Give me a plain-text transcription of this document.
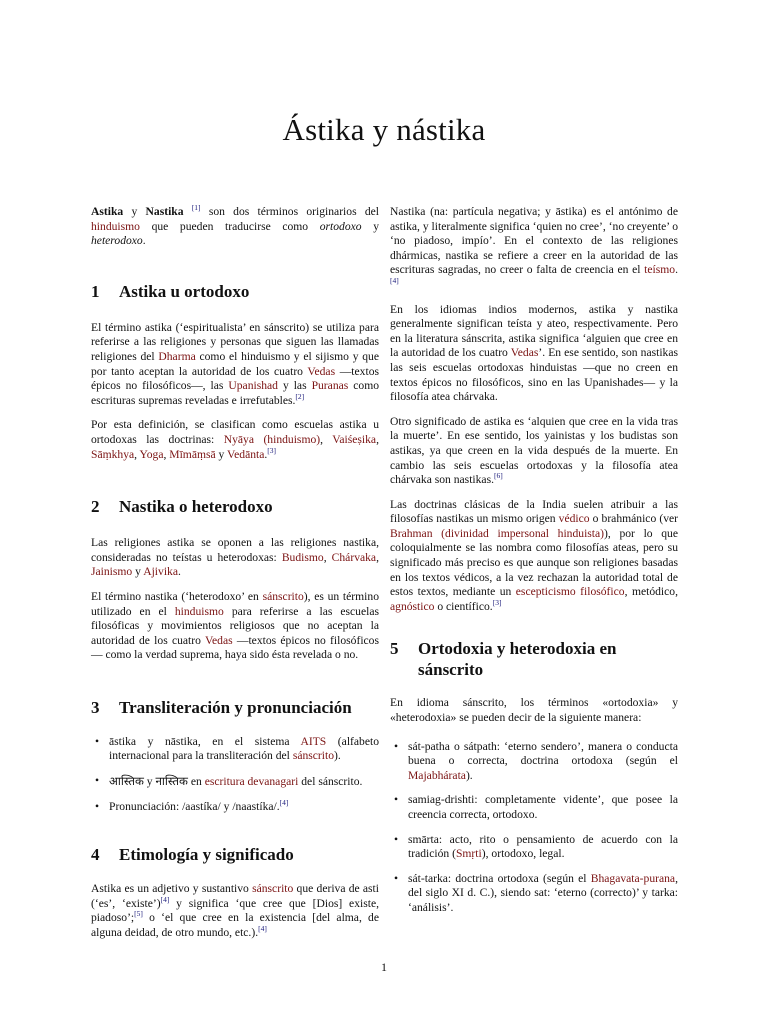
Ástika y nástika

Astika y Nastika [1] son dos términos originarios del hinduismo que pueden traducirse como ortodoxo y heterodoxo.

1	Astika u ortodoxo

El término astika (‘espiritualista’ en sánscrito) se utiliza para referirse a las religiones y personas que siguen las llamadas religiones del Dharma como el hinduismo y el sijismo y que por tanto aceptan la autoridad de los cuatro Vedas —textos épicos no filosóficos—, las Upanishad y las Puranas como escrituras supremas reveladas e irrefutables.[2]

Por esta definición, se clasifican como escuelas astika u ortodoxas las doctrinas: Nyāya (hinduismo), Vaiśeṣika, Sāṃkhya, Yoga, Mīmāṃsā y Vedānta.[3]

2	Nastika o heterodoxo

Las religiones astika se oponen a las religiones nastika, consideradas no teístas u heterodoxas: Budismo, Chárvaka, Jainismo y Ajivika.

El término nastika (‘heterodoxo’ en sánscrito), es un término utilizado en el hinduismo para referirse a las escuelas filosóficas y movimientos religiosos que no aceptan la autoridad de los cuatro Vedas —textos épicos no filosóficos— como la verdad suprema, haya sido ésta revelada o no.

3	Transliteración y pronunciación
• āstika y nāstika, en el sistema AITS (alfabeto internacional para la transliteración del sánscrito).
• आस्तिक y नास्तिक en escritura devanagari del sánscrito.
• Pronunciación: /aastíka/ y /naastíka/.[4]
4	Etimología y significado

Astika es un adjetivo y sustantivo sánscrito que deriva de asti (‘es’, ‘existe’)[4] y significa ‘que cree que [Dios] existe, piadoso’;[5] o ‘el que cree en la existencia [del alma, de alguna deidad, de otro mundo, etc.).[4]

Nastika (na: partícula negativa; y āstika) es el antónimo de astika, y literalmente significa ‘quien no cree’, ‘no creyente’ o ‘no piadoso, impío’. En el contexto de las religiones dhármicas, nastika se refiere a creer en la autoridad de las escrituras sagradas, no creer o falta de creencia en el teísmo.[4]

En los idiomas indios modernos, astika y nastika generalmente significan teísta y ateo, respectivamente. Pero en la literatura sánscrita, astika significa ‘alguien que cree en la autoridad de los cuatro Vedas’. En ese sentido, son nastikas las seis escuelas ortodoxas hinduistas —que no creen en textos épicos no filosóficos, sino en las Upanishades— y la filosofía atea chárvaka.

Otro significado de astika es ‘alquien que cree en la vida tras la muerte’. En ese sentido, los yainistas y los budistas son astikas, ya que creen en la vida después de la muerte. En cambio las seis escuelas ortodoxas y la filosofía atea chárvaka son nastikas.[6]

Las doctrinas clásicas de la India suelen atribuir a las filosofías nastikas un mismo origen védico o brahmánico (ver Brahman (divinidad impersonal hinduista)), por lo que coloquialmente se las nombra como filosofías ateas, pero su significado más preciso es que aunque son religiones basadas en los textos védicos, a la vez rechazan la autoridad total de estos textos, mediante un escepticismo filosófico, metódico, agnóstico o científico.[3]

5	Ortodoxia y heterodoxia en sánscrito

En idioma sánscrito, los términos «ortodoxia» y «heterodoxia» se pueden decir de la siguiente manera:

• sát-patha o sátpath: ‘eterno sendero’, manera o conducta buena o correcta, doctrina ortodoxa (según el Majabhárata).
• samiag-drishti: completamente vidente’, que posee la creencia correcta, ortodoxo.
• smārta: acto, rito o pensamiento de acuerdo con la tradición (Smṛti), ortodoxo, legal.
• sát-tarka: doctrina ortodoxa (según el Bhagavata-purana, del siglo XI d. C.), siendo sat: ‘eterno (correcto)’ y tarka: ‘análisis’.
1
